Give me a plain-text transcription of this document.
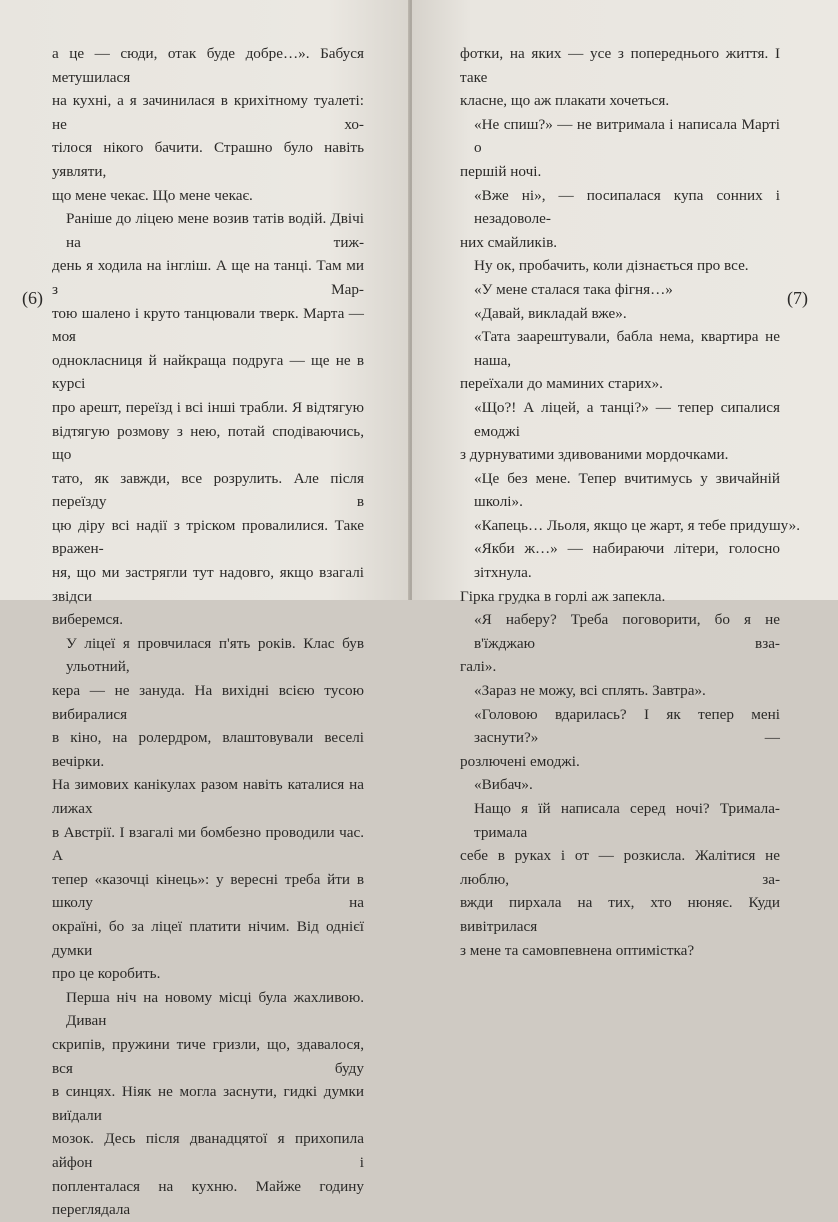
а це — сюди, отак буде добре…». Бабуся метушилася
на кухні, а я зачинилася в крихітному туалеті: не хо-
тілося нікого бачити. Страшно було навіть уявляти,
що мене чекає. Що мене чекає.
Раніше до ліцею мене возив татів водій. Двічі на тиж-
день я ходила на інгліш. А ще на танці. Там ми з Мар-
тою шалено і круто танцювали тверк. Марта — моя
однокласниця й найкраща подруга — ще не в курсі
про арешт, переїзд і всі інші трабли. Я відтягую
відтягую розмову з нею, потай сподіваючись, що
тато, як завжди, все розрулить. Але після переїзду в
цю діру всі надії з тріском провалилися. Таке вражен-
ня, що ми застрягли тут надовго, якщо взагалі звідси
виберемся.
У ліцеї я провчилася п'ять років. Клас був ульотний,
кера — не зануда. На вихідні всією тусою вибиралися
в кіно, на ролердром, влаштовували веселі вечірки.
На зимових канікулах разом навіть каталися на лижах
в Австрії. І взагалі ми бомбезно проводили час. А
тепер «казочці кінець»: у вересні треба йти в школу на
окраїні, бо за ліцеї платити нічим. Від однієї думки
про це коробить.
Перша ніч на новому місці була жахливою. Диван
скрипів, пружини тиче гризли, що, здавалося, вся буду
в синцях. Ніяк не могла заснути, гидкі думки виїдали
мозок. Десь після дванадцятої я прихопила айфон і
попленталася на кухню. Майже годину переглядала
фотки, на яких — усе з попереднього життя. І таке
класне, що аж плакати хочеться.
«Не спиш?» — не витримала і написала Марті о
першій ночі.
«Вже ні», — посипалася купа сонних і незадоволе-
них смайликів.
Ну ок, пробачить, коли дізнається про все.
«У мене сталася така фігня…»
«Давай, викладай вже».
«Тата заарештували, бабла нема, квартира не наша,
переїхали до маминих старих».
«Що?! А ліцей, а танці?» — тепер сипалися емоджі
з дурнуватими здивованими мордочками.
«Це без мене. Тепер вчитимусь у звичайній школі».
«Капець… Льоля, якщо це жарт, я тебе придушу».
«Якби ж…» — набираючи літери, голосно зітхнула.
Гірка грудка в горлі аж запекла.
«Я наберу? Треба поговорити, бо я не в'їжджаю вза-
галі».
«Зараз не можу, всі сплять. Завтра».
«Головою вдарилась? І як тепер мені заснути?» —
розлючені емоджі.
«Вибач».
Нащо я їй написала серед ночі? Тримала-тримала
себе в руках і от — розкисла. Жалітися не люблю, за-
вжди пирхала на тих, хто нюняє. Куди вивітрилася
з мене та самовпевнена оптимістка?
(6)	(7)
